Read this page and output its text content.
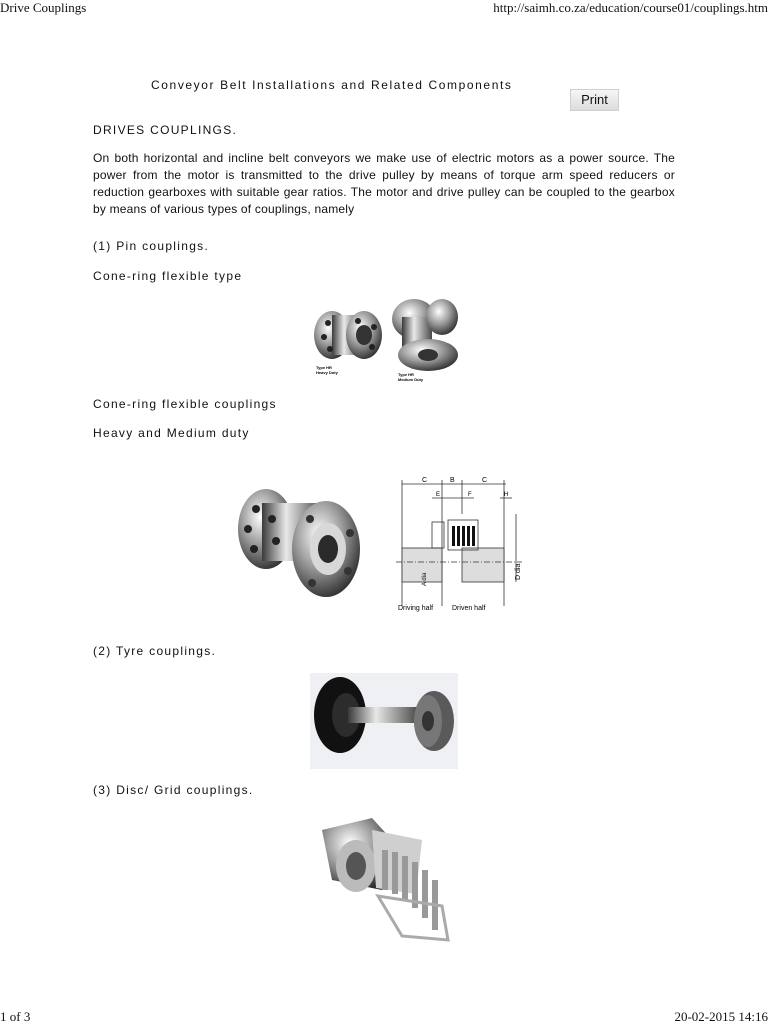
Drive Couplings	http://saimh.co.za/education/course01/couplings.htm
Conveyor Belt Installations and Related Components
Print
DRIVES COUPLINGS.
On both horizontal and incline belt conveyors we make use of electric motors as a power source. The power from the motor is transmitted to the drive pulley by means of torque arm speed reducers or reduction gearboxes with suitable gear ratios. The motor and drive pulley can be coupled to the gearbox by means of various types of couplings, namely
(1) Pin couplings.
Cone-ring flexible type
Type HR
Heavy Duty	Type HR
Medium Duty
Cone-ring flexible couplings
Heavy and Medium duty
C	B	C
E	F	H
A dia	D dia
Driving half	Driven half
(2) Tyre couplings.
(3) Disc/ Grid couplings.
1 of 3	20-02-2015 14:16
